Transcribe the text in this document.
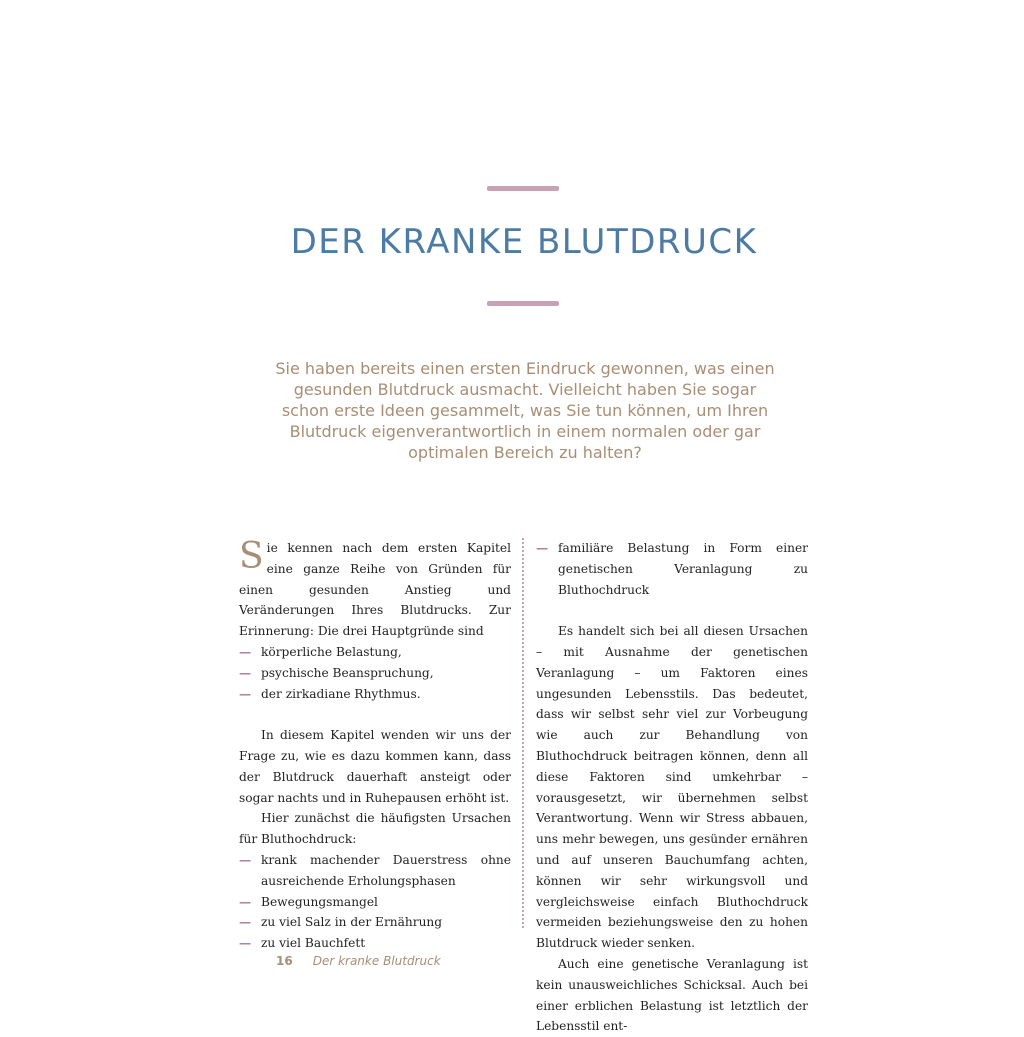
DER KRANKE BLUTDRUCK

Sie haben bereits einen ersten Eindruck gewonnen, was einen gesunden Blutdruck ausmacht. Vielleicht haben Sie sogar schon erste Ideen gesammelt, was Sie tun können, um Ihren Blutdruck eigenverantwortlich in einem normalen oder gar optimalen Bereich zu halten?

Sie kennen nach dem ersten Kapitel eine ganze Reihe von Gründen für einen gesunden Anstieg und Veränderungen Ihres Blutdrucks. Zur Erinnerung: Die drei Hauptgründe sind

— körperliche Belastung,
— psychische Beanspruchung,
— der zirkadiane Rhythmus.

In diesem Kapitel wenden wir uns der Frage zu, wie es dazu kommen kann, dass der Blutdruck dauerhaft ansteigt oder sogar nachts und in Ruhepausen erhöht ist.

Hier zunächst die häufigsten Ursachen für Bluthochdruck:

— krank machender Dauerstress ohne ausreichende Erholungsphasen
— Bewegungsmangel
— zu viel Salz in der Ernährung
— zu viel Bauchfett
— familiäre Belastung in Form einer genetischen Veranlagung zu Bluthochdruck

Es handelt sich bei all diesen Ursachen – mit Ausnahme der genetischen Veranlagung – um Faktoren eines ungesunden Lebensstils. Das bedeutet, dass wir selbst sehr viel zur Vorbeugung wie auch zur Behandlung von Bluthochdruck beitragen können, denn all diese Faktoren sind umkehrbar – vorausgesetzt, wir übernehmen selbst Verantwortung. Wenn wir Stress abbauen, uns mehr bewegen, uns gesünder ernähren und auf unseren Bauchumfang achten, können wir sehr wirkungsvoll und vergleichsweise einfach Bluthochdruck vermeiden beziehungsweise den zu hohen Blutdruck wieder senken.

Auch eine genetische Veranlagung ist kein unausweichliches Schicksal. Auch bei einer erblichen Belastung ist letztlich der Lebensstil ent-

16 Der kranke Blutdruck
